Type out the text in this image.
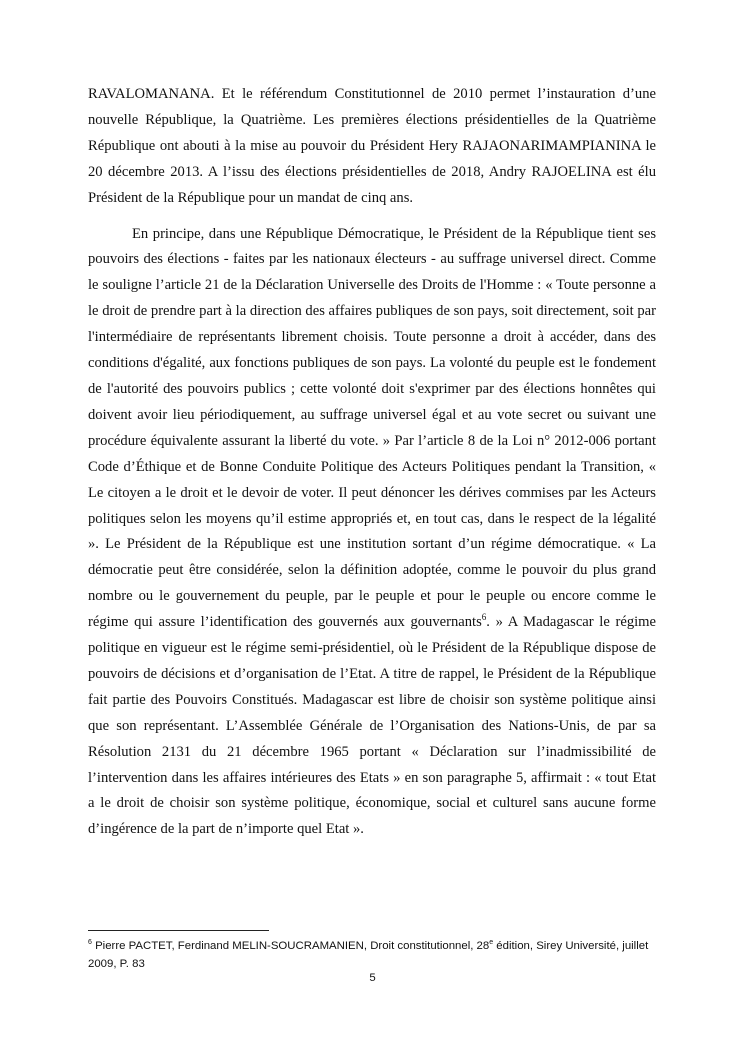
RAVALOMANANA. Et le référendum Constitutionnel de 2010 permet l’instauration d’une nouvelle République, la Quatrième. Les premières élections présidentielles de la Quatrième République ont abouti à la mise au pouvoir du Président Hery RAJAONARIMAMPIANINA le 20 décembre 2013. A l’issu des élections présidentielles de 2018, Andry RAJOELINA est élu Président de la République pour un mandat de cinq ans.

En principe, dans une République Démocratique, le Président de la République tient ses pouvoirs des élections - faites par les nationaux électeurs - au suffrage universel direct. Comme le souligne l’article 21 de la Déclaration Universelle des Droits de l'Homme : « Toute personne a le droit de prendre part à la direction des affaires publiques de son pays, soit directement, soit par l'intermédiaire de représentants librement choisis. Toute personne a droit à accéder, dans des conditions d'égalité, aux fonctions publiques de son pays. La volonté du peuple est le fondement de l'autorité des pouvoirs publics ; cette volonté doit s'exprimer par des élections honnêtes qui doivent avoir lieu périodiquement, au suffrage universel égal et au vote secret ou suivant une procédure équivalente assurant la liberté du vote. » Par l’article 8 de la Loi n° 2012-006 portant Code d’Éthique et de Bonne Conduite Politique des Acteurs Politiques pendant la Transition, « Le citoyen a le droit et le devoir de voter. Il peut dénoncer les dérives commises par les Acteurs politiques selon les moyens qu’il estime appropriés et, en tout cas, dans le respect de la légalité ». Le Président de la République est une institution sortant d’un régime démocratique. « La démocratie peut être considérée, selon la définition adoptée, comme le pouvoir du plus grand nombre ou le gouvernement du peuple, par le peuple et pour le peuple ou encore comme le régime qui assure l’identification des gouvernés aux gouvernants$^6$. » A Madagascar le régime politique en vigueur est le régime semi-présidentiel, où le Président de la République dispose de pouvoirs de décisions et d’organisation de l’Etat. A titre de rappel, le Président de la République fait partie des Pouvoirs Constitués. Madagascar est libre de choisir son système politique ainsi que son représentant. L’Assemblée Générale de l’Organisation des Nations-Unis, de par sa Résolution 2131 du 21 décembre 1965 portant « Déclaration sur l’inadmissibilité de l’intervention dans les affaires intérieures des Etats » en son paragraphe 5, affirmait : « tout Etat a le droit de choisir son système politique, économique, social et culturel sans aucune forme d’ingérence de la part de n’importe quel Etat ».

$^6$ Pierre PACTET, Ferdinand MELIN-SOUCRAMANIEN, Droit constitutionnel, 28e édition, Sirey Université, juillet 2009, P. 83
5
